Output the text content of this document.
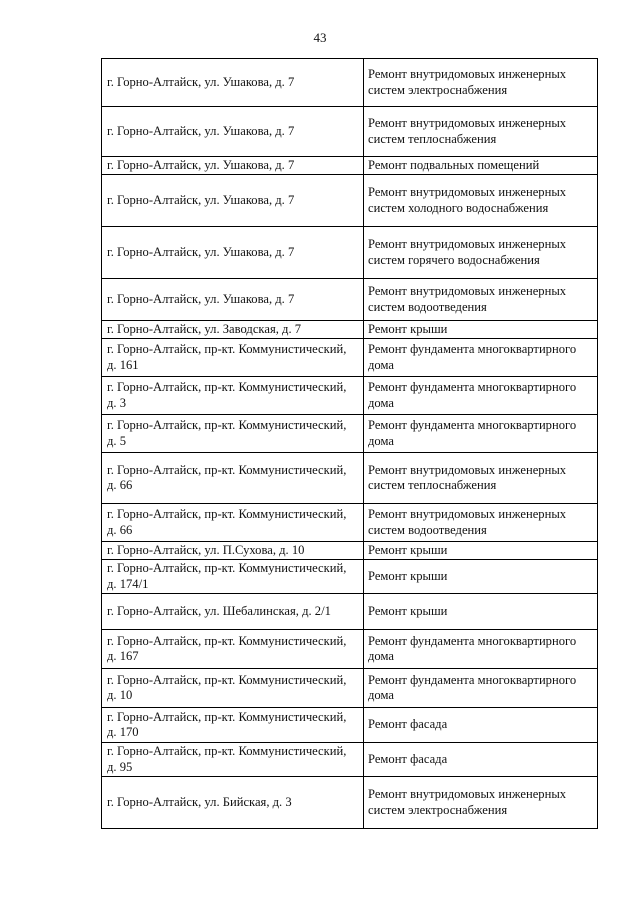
43
г. Горно-Алтайск, ул. Ушакова, д. 7	Ремонт внутридомовых инженерных систем электроснабжения
г. Горно-Алтайск, ул. Ушакова, д. 7	Ремонт внутридомовых инженерных систем теплоснабжения
г. Горно-Алтайск, ул. Ушакова, д. 7	Ремонт подвальных помещений
г. Горно-Алтайск, ул. Ушакова, д. 7	Ремонт внутридомовых инженерных систем холодного водоснабжения
г. Горно-Алтайск, ул. Ушакова, д. 7	Ремонт внутридомовых инженерных систем горячего водоснабжения
г. Горно-Алтайск, ул. Ушакова, д. 7	Ремонт внутридомовых инженерных систем водоотведения
г. Горно-Алтайск, ул. Заводская, д. 7	Ремонт крыши
г. Горно-Алтайск, пр-кт. Коммунистический, д. 161	Ремонт фундамента многоквартирного дома
г. Горно-Алтайск, пр-кт. Коммунистический, д. 3	Ремонт фундамента многоквартирного дома
г. Горно-Алтайск, пр-кт. Коммунистический, д. 5	Ремонт фундамента многоквартирного дома
г. Горно-Алтайск, пр-кт. Коммунистический, д. 66	Ремонт внутридомовых инженерных систем теплоснабжения
г. Горно-Алтайск, пр-кт. Коммунистический, д. 66	Ремонт внутридомовых инженерных систем водоотведения
г. Горно-Алтайск, ул. П.Сухова, д. 10	Ремонт крыши
г. Горно-Алтайск, пр-кт. Коммунистический, д. 174/1	Ремонт крыши
г. Горно-Алтайск, ул. Шебалинская, д. 2/1	Ремонт крыши
г. Горно-Алтайск, пр-кт. Коммунистический, д. 167	Ремонт фундамента многоквартирного дома
г. Горно-Алтайск, пр-кт. Коммунистический, д. 10	Ремонт фундамента многоквартирного дома
г. Горно-Алтайск, пр-кт. Коммунистический, д. 170	Ремонт фасада
г. Горно-Алтайск, пр-кт. Коммунистический, д. 95	Ремонт фасада
г. Горно-Алтайск, ул. Бийская, д. 3	Ремонт внутридомовых инженерных систем электроснабжения
